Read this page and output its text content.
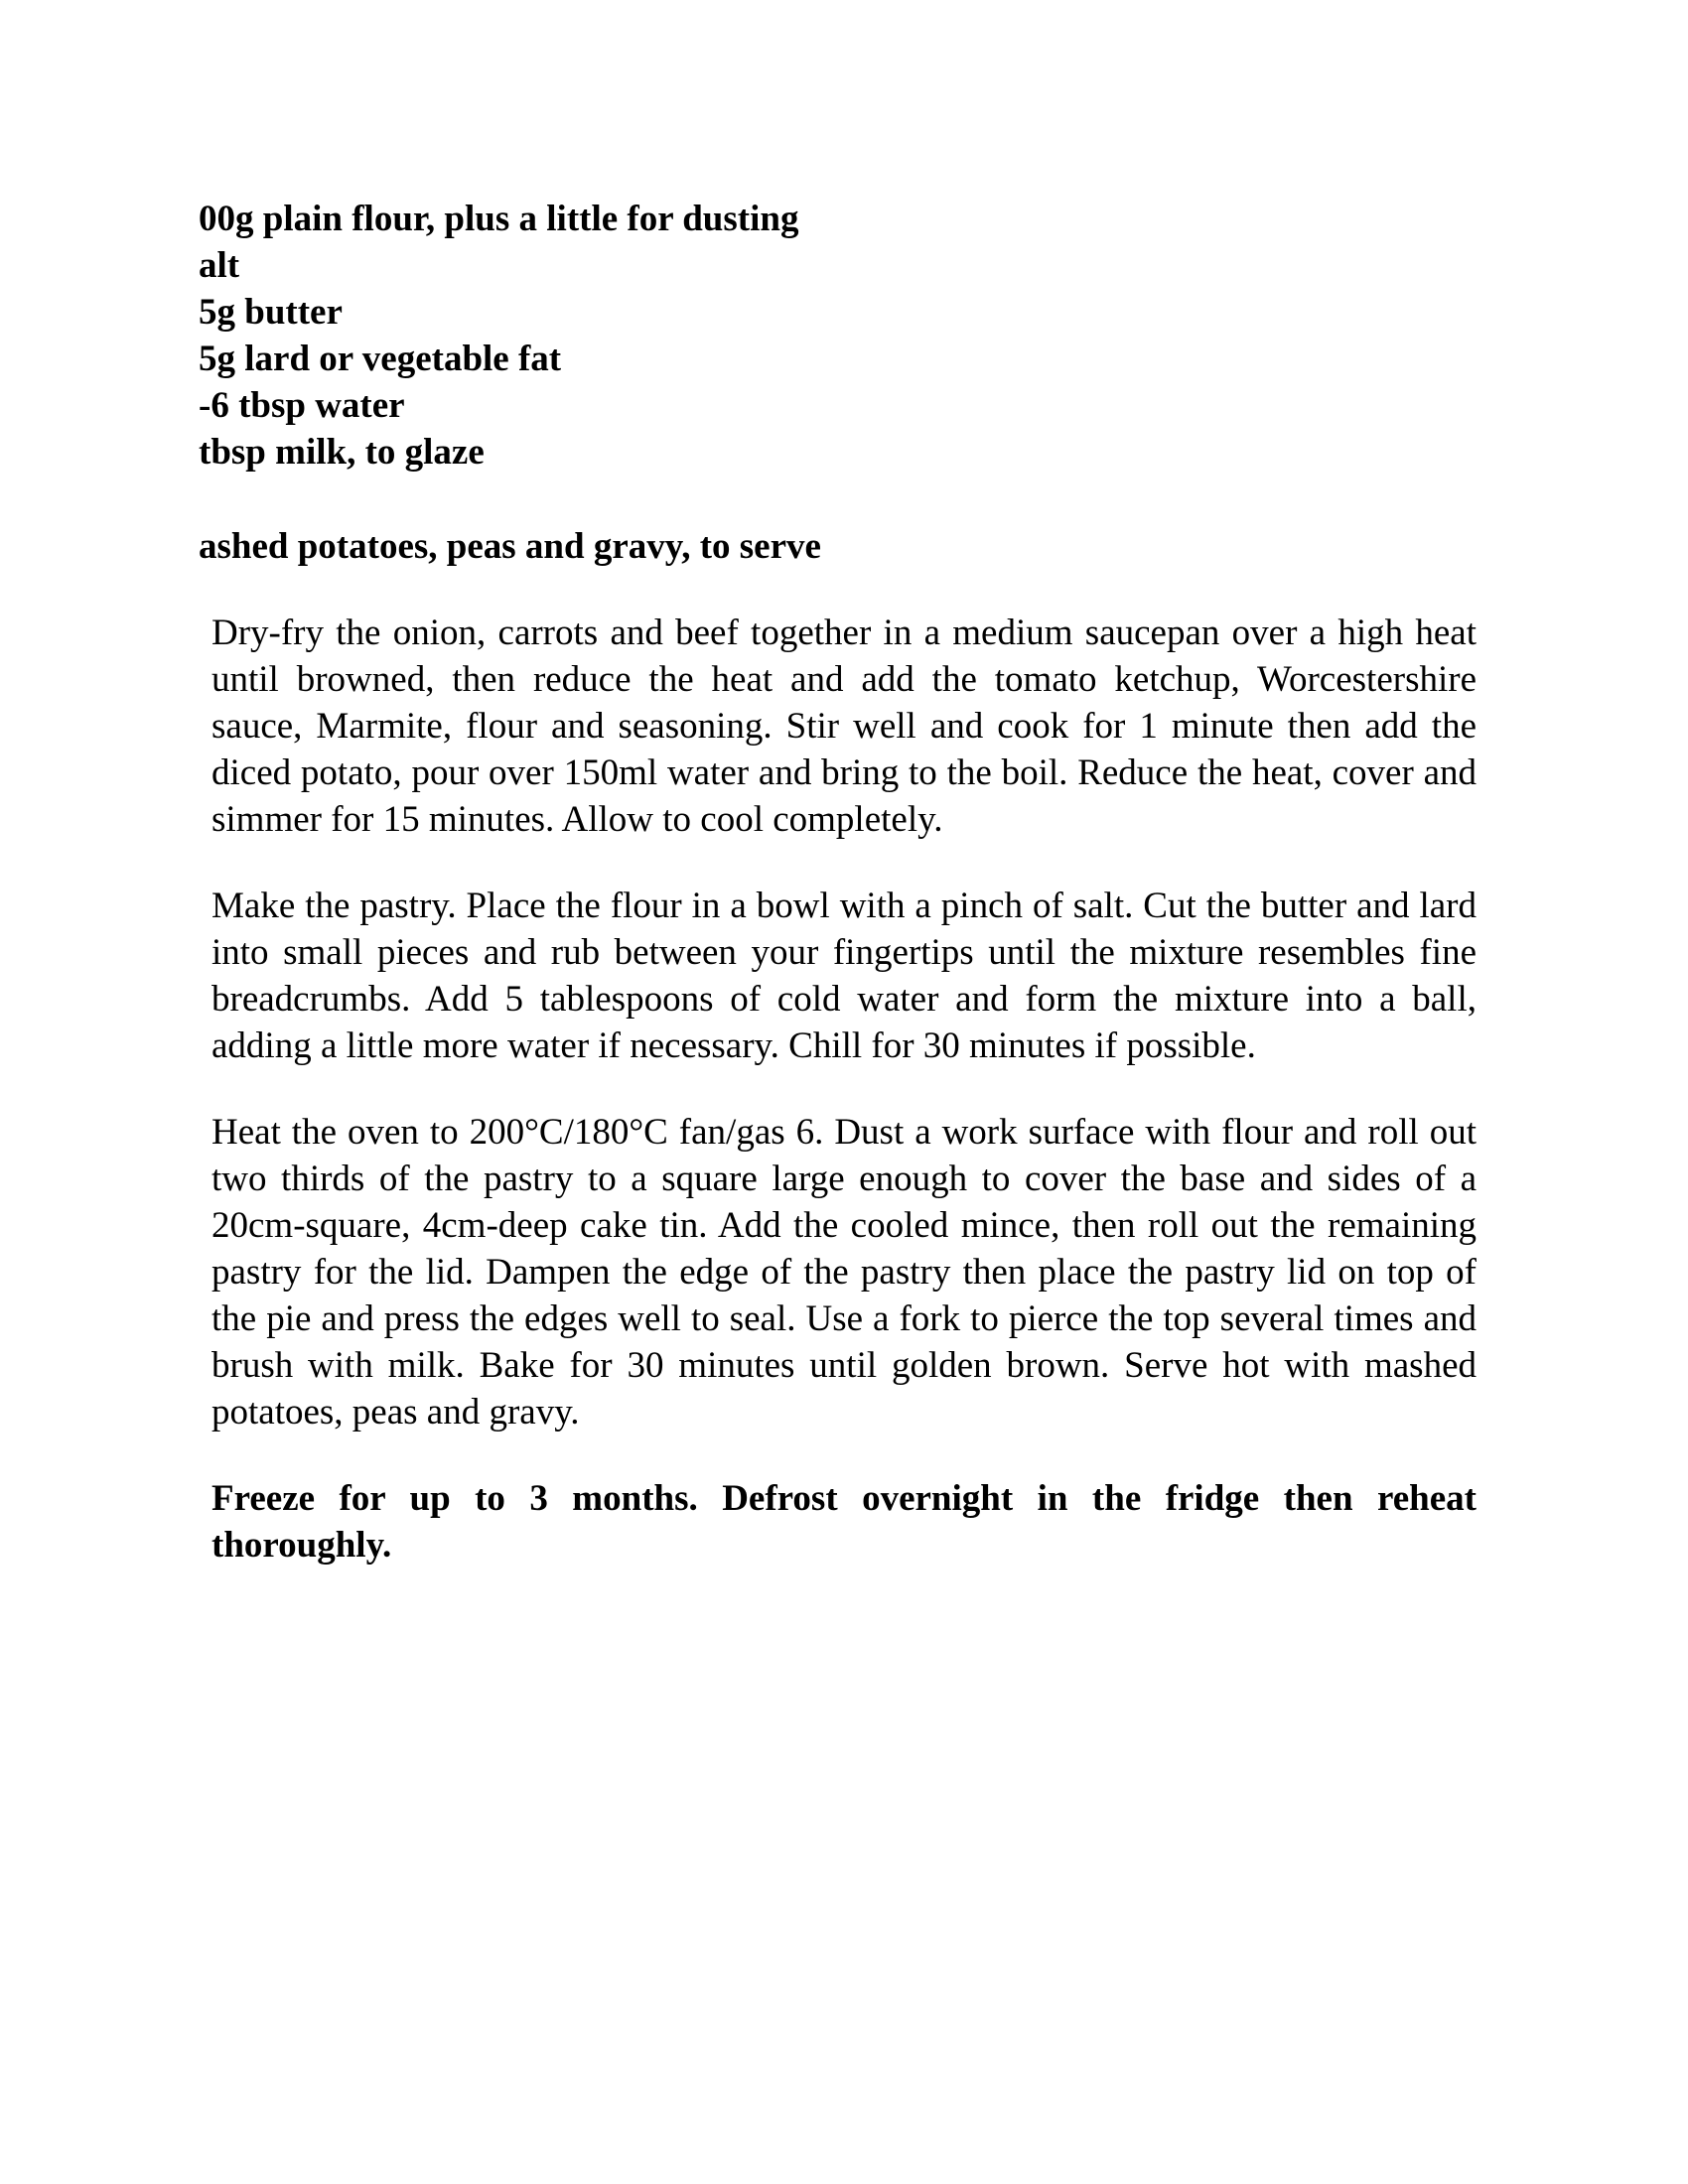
00g plain flour, plus a little for dusting
alt
5g butter
5g lard or vegetable fat
-6 tbsp water
tbsp milk, to glaze
ashed potatoes, peas and gravy, to serve

Dry-fry the onion, carrots and beef together in a medium saucepan over a high heat until browned, then reduce the heat and add the tomato ketchup, Worcestershire sauce, Marmite, flour and seasoning. Stir well and cook for 1 minute then add the diced potato, pour over 150ml water and bring to the boil. Reduce the heat, cover and simmer for 15 minutes. Allow to cool completely.

Make the pastry. Place the flour in a bowl with a pinch of salt. Cut the butter and lard into small pieces and rub between your fingertips until the mixture resembles fine breadcrumbs. Add 5 tablespoons of cold water and form the mixture into a ball, adding a little more water if necessary. Chill for 30 minutes if possible.

Heat the oven to 200°C/180°C fan/gas 6. Dust a work surface with flour and roll out two thirds of the pastry to a square large enough to cover the base and sides of a 20cm-square, 4cm-deep cake tin. Add the cooled mince, then roll out the remaining pastry for the lid. Dampen the edge of the pastry then place the pastry lid on top of the pie and press the edges well to seal. Use a fork to pierce the top several times and brush with milk. Bake for 30 minutes until golden brown. Serve hot with mashed potatoes, peas and gravy.

Freeze for up to 3 months. Defrost overnight in the fridge then reheat thoroughly.
